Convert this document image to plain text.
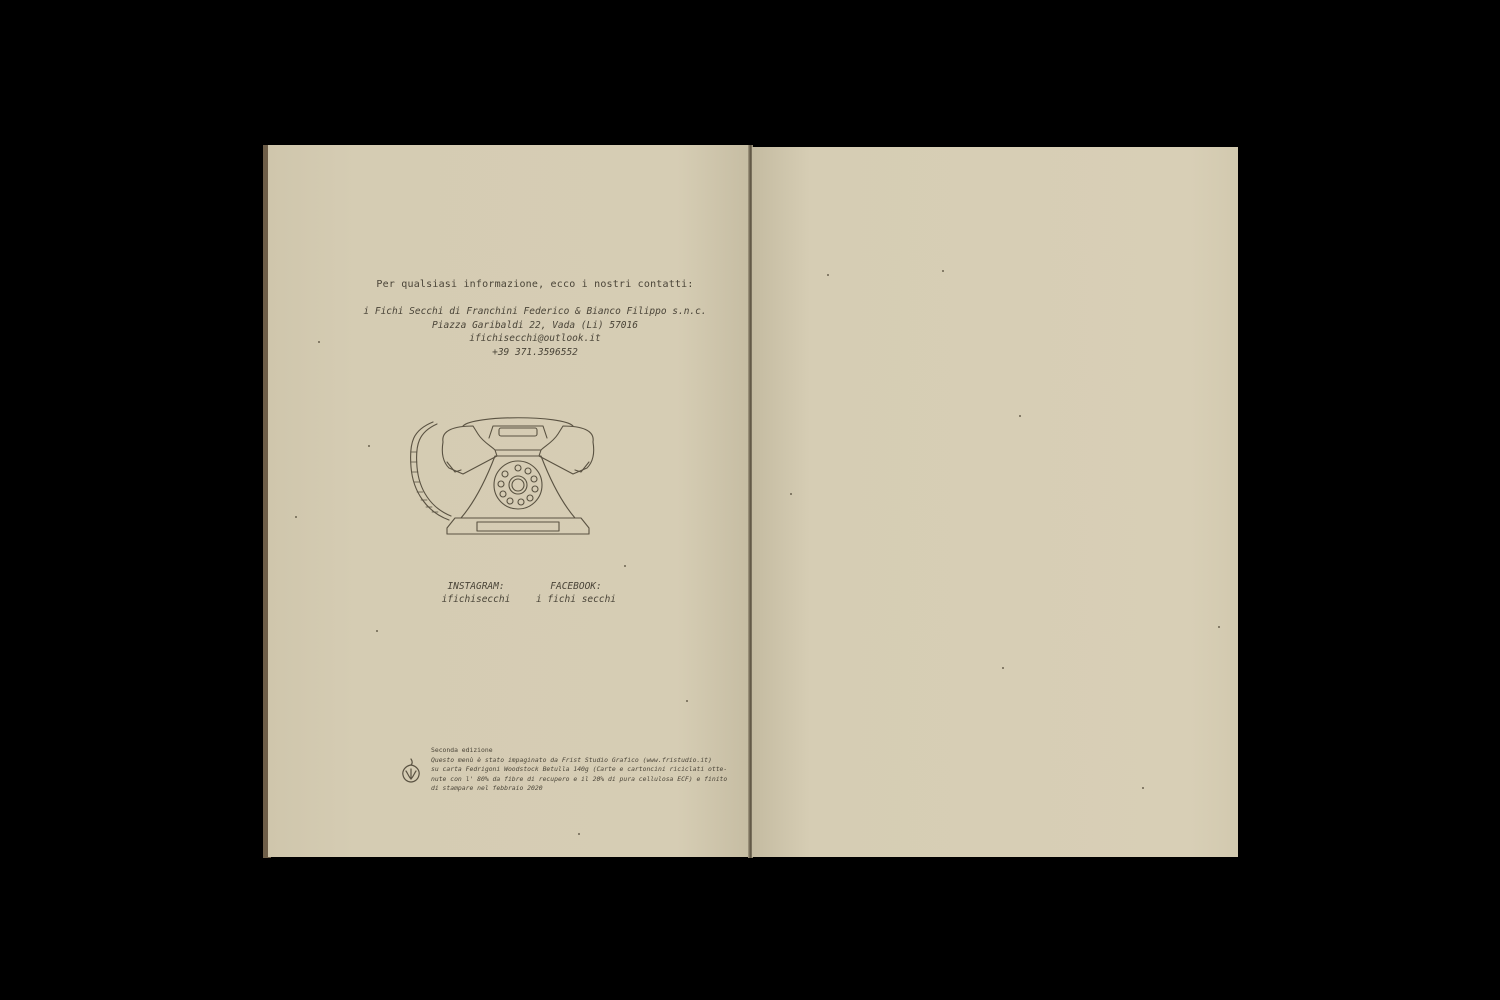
Per qualsiasi informazione, ecco i nostri contatti:
i Fichi Secchi di Franchini Federico & Bianco Filippo s.n.c.
Piazza Garibaldi 22, Vada (Li) 57016
ifichisecchi@outlook.it
+39 371.3596552
INSTAGRAM:
ifichisecchi
FACEBOOK:
i fichi secchi
Seconda edizione
Questo menù è stato impaginato da Frist Studio Grafico (www.fristudio.it)
su carta Fedrigoni Woodstock Betulla 140g (Carte e cartoncini riciclati otte-
nute con l' 80% da fibre di recupero e il 20% di pura cellulosa ECF) e finito
di stampare nel febbraio 2020
